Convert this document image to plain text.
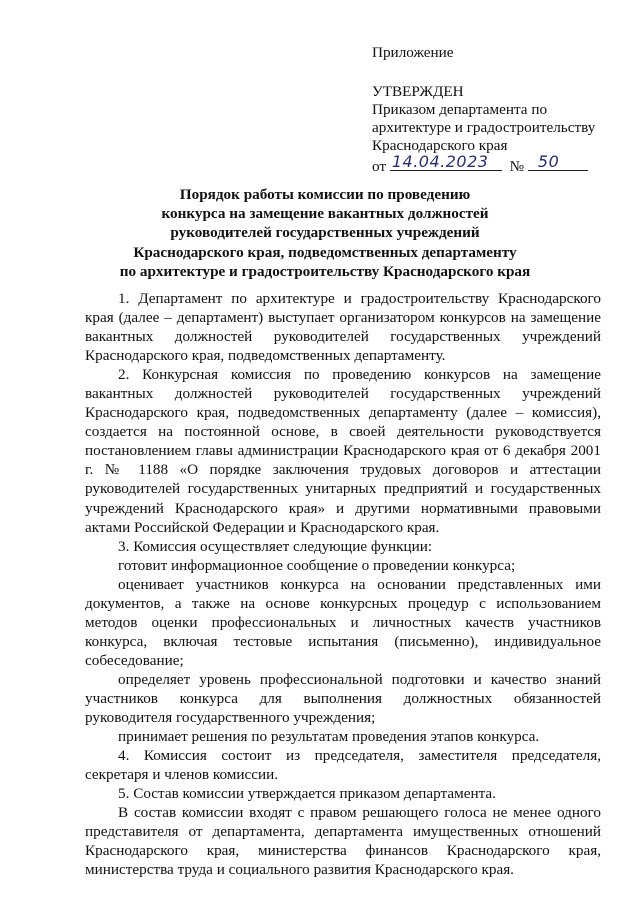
Приложение
УТВЕРЖДЕН
Приказом департамента по
архитектуре и градостроительству
Краснодарского края
от 14.04.2023 № 50
Порядок работы комиссии по проведению
конкурса на замещение вакантных должностей
руководителей государственных учреждений
Краснодарского края, подведомственных департаменту
по архитектуре и градостроительству Краснодарского края

1. Департамент по архитектуре и градостроительству Краснодарского края (далее – департамент) выступает организатором конкурсов на замещение вакантных должностей руководителей государственных учреждений Краснодарского края, подведомственных департаменту.

2. Конкурсная комиссия по проведению конкурсов на замещение вакантных должностей руководителей государственных учреждений Краснодарского края, подведомственных департаменту (далее – комиссия), создается на постоянной основе, в своей деятельности руководствуется постановлением главы администрации Краснодарского края от 6 декабря 2001 г. № 1188 «О порядке заключения трудовых договоров и аттестации руководителей государственных унитарных предприятий и государственных учреждений Краснодарского края» и другими нормативными правовыми актами Российской Федерации и Краснодарского края.

3. Комиссия осуществляет следующие функции:

готовит информационное сообщение о проведении конкурса;

оценивает участников конкурса на основании представленных ими документов, а также на основе конкурсных процедур с использованием методов оценки профессиональных и личностных качеств участников конкурса, включая тестовые испытания (письменно), индивидуальное собеседование;

определяет уровень профессиональной подготовки и качество знаний участников конкурса для выполнения должностных обязанностей руководителя государственного учреждения;

принимает решения по результатам проведения этапов конкурса.

4. Комиссия состоит из председателя, заместителя председателя, секретаря и членов комиссии.

5. Состав комиссии утверждается приказом департамента.

В состав комиссии входят с правом решающего голоса не менее одного представителя от департамента, департамента имущественных отношений Краснодарского края, министерства финансов Краснодарского края, министерства труда и социального развития Краснодарского края.
